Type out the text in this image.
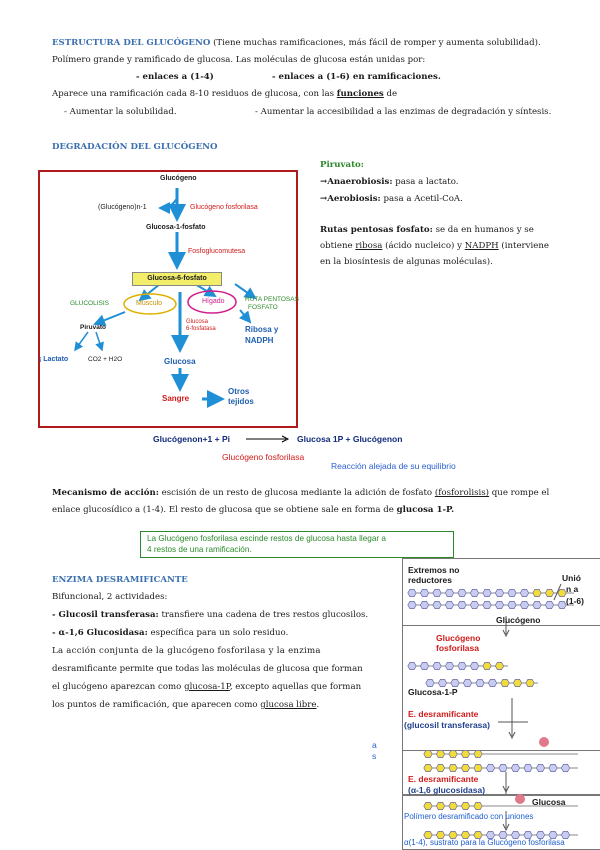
ESTRUCTURA DEL GLUCÓGENO (Tiene muchas ramificaciones, más fácil de romper y aumenta solubilidad).
Polímero grande y ramificado de glucosa. Las moléculas de glucosa están unidas por:
- enlaces a (1-4)	- enlaces a (1-6) en ramificaciones.
Aparece una ramificación cada 8-10 residuos de glucosa, con las funciones de
- Aumentar la solubilidad.	- Aumentar la accesibilidad a las enzimas de degradación y síntesis.
DEGRADACIÓN DEL GLUCÓGENO
Glucógeno
(Glucógeno)n-1	Glucógeno fosforilasa
Glucosa-1-fosfato
Fosfoglucomutesa
Glucosa-6-fosfato
GLUCOLISIS	Músculo	Hígado	RUTA PENTOSAS
FOSFATO
Piruvato
Glucosa
6-fosfatasa	Ribosa y
NADPH
¡ Lactato	CO2 + H2O	Glucosa
Sangre
Otros
tejidos
Piruvato:
→Anaerobiosis: pasa a lactato.
→Aerobiosis: pasa a Acetil-CoA.
Rutas pentosas fosfato: se da en humanos y se
obtiene ribosa (ácido nucleico) y NADPH (interviene
en la biosíntesis de algunas moléculas).
Glucógenon+1 + Pi → Glucosa 1P + Glucógenon
Glucógeno fosforilasa
Reacción alejada de su equilibrio
Mecanismo de acción: escisión de un resto de glucosa mediante la adición de fosfato (fosforolisis) que rompe el
enlace glucosídico a (1-4). El resto de glucosa que se obtiene sale en forma de glucosa 1-P.
La Glucógeno fosforilasa escinde restos de glucosa hasta llegar a
4 restos de una ramificación.
ENZIMA DESRAMIFICANTE
Bifuncional, 2 actividades:
- Glucosil transferasa: transfiere una cadena de tres restos glucosilos.
- α-1,6 Glucosidasa: específica para un solo residuo.
La acción conjunta de la glucógeno fosforilasa y la enzima
desramificante permite que todas las moléculas de glucosa que forman
el glucógeno aparezcan como glucosa-1P, excepto aquellas que forman
los puntos de ramificación, que aparecen como glucosa libre.
a
s
Extremos no
reductores	Unió
n a
(1-6)
Glucógeno
Glucógeno
fosforilasa
Glucosa-1-P
E. desramificante
(glucosil transferasa)
E. desramificante
(α-1,6 glucosidasa)
Glucosa
Polímero desramificado con uniones
α(1-4), sustrato para la Glucógeno fosforilasa
